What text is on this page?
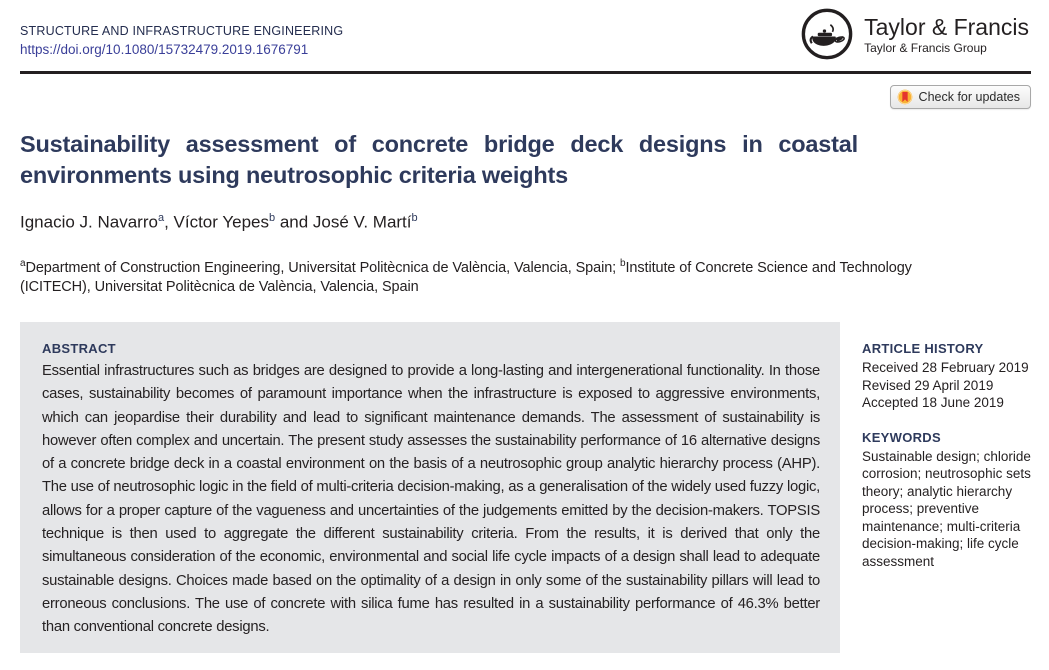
STRUCTURE AND INFRASTRUCTURE ENGINEERING
https://doi.org/10.1080/15732479.2019.1676791
Taylor & Francis
Taylor & Francis Group
Check for updates
Sustainability assessment of concrete bridge deck designs in coastal environments using neutrosophic criteria weights
Ignacio J. Navarro$^a$, Víctor Yepes$^b$ and José V. Martí$^b$
$^a$Department of Construction Engineering, Universitat Politècnica de València, Valencia, Spain; $^b$Institute of Concrete Science and Technology (ICITECH), Universitat Politècnica de València, Valencia, Spain
ABSTRACT

Essential infrastructures such as bridges are designed to provide a long-lasting and intergenerational functionality. In those cases, sustainability becomes of paramount importance when the infrastructure is exposed to aggressive environments, which can jeopardise their durability and lead to significant maintenance demands. The assessment of sustainability is however often complex and uncertain. The present study assesses the sustainability performance of 16 alternative designs of a concrete bridge deck in a coastal environment on the basis of a neutrosophic group analytic hierarchy process (AHP). The use of neutrosophic logic in the field of multi-criteria decision-making, as a generalisation of the widely used fuzzy logic, allows for a proper capture of the vagueness and uncertainties of the judgements emitted by the decision-makers. TOPSIS technique is then used to aggregate the different sustainability criteria. From the results, it is derived that only the simultaneous consideration of the economic, environmental and social life cycle impacts of a design shall lead to adequate sustainable designs. Choices made based on the optimality of a design in only some of the sustainability pillars will lead to erroneous conclusions. The use of concrete with silica fume has resulted in a sustainability performance of 46.3% better than conventional concrete designs.

ARTICLE HISTORY
Received 28 February 2019
Revised 29 April 2019
Accepted 18 June 2019
KEYWORDS
Sustainable design; chloride corrosion; neutrosophic sets theory; analytic hierarchy process; preventive maintenance; multi-criteria decision-making; life cycle assessment
